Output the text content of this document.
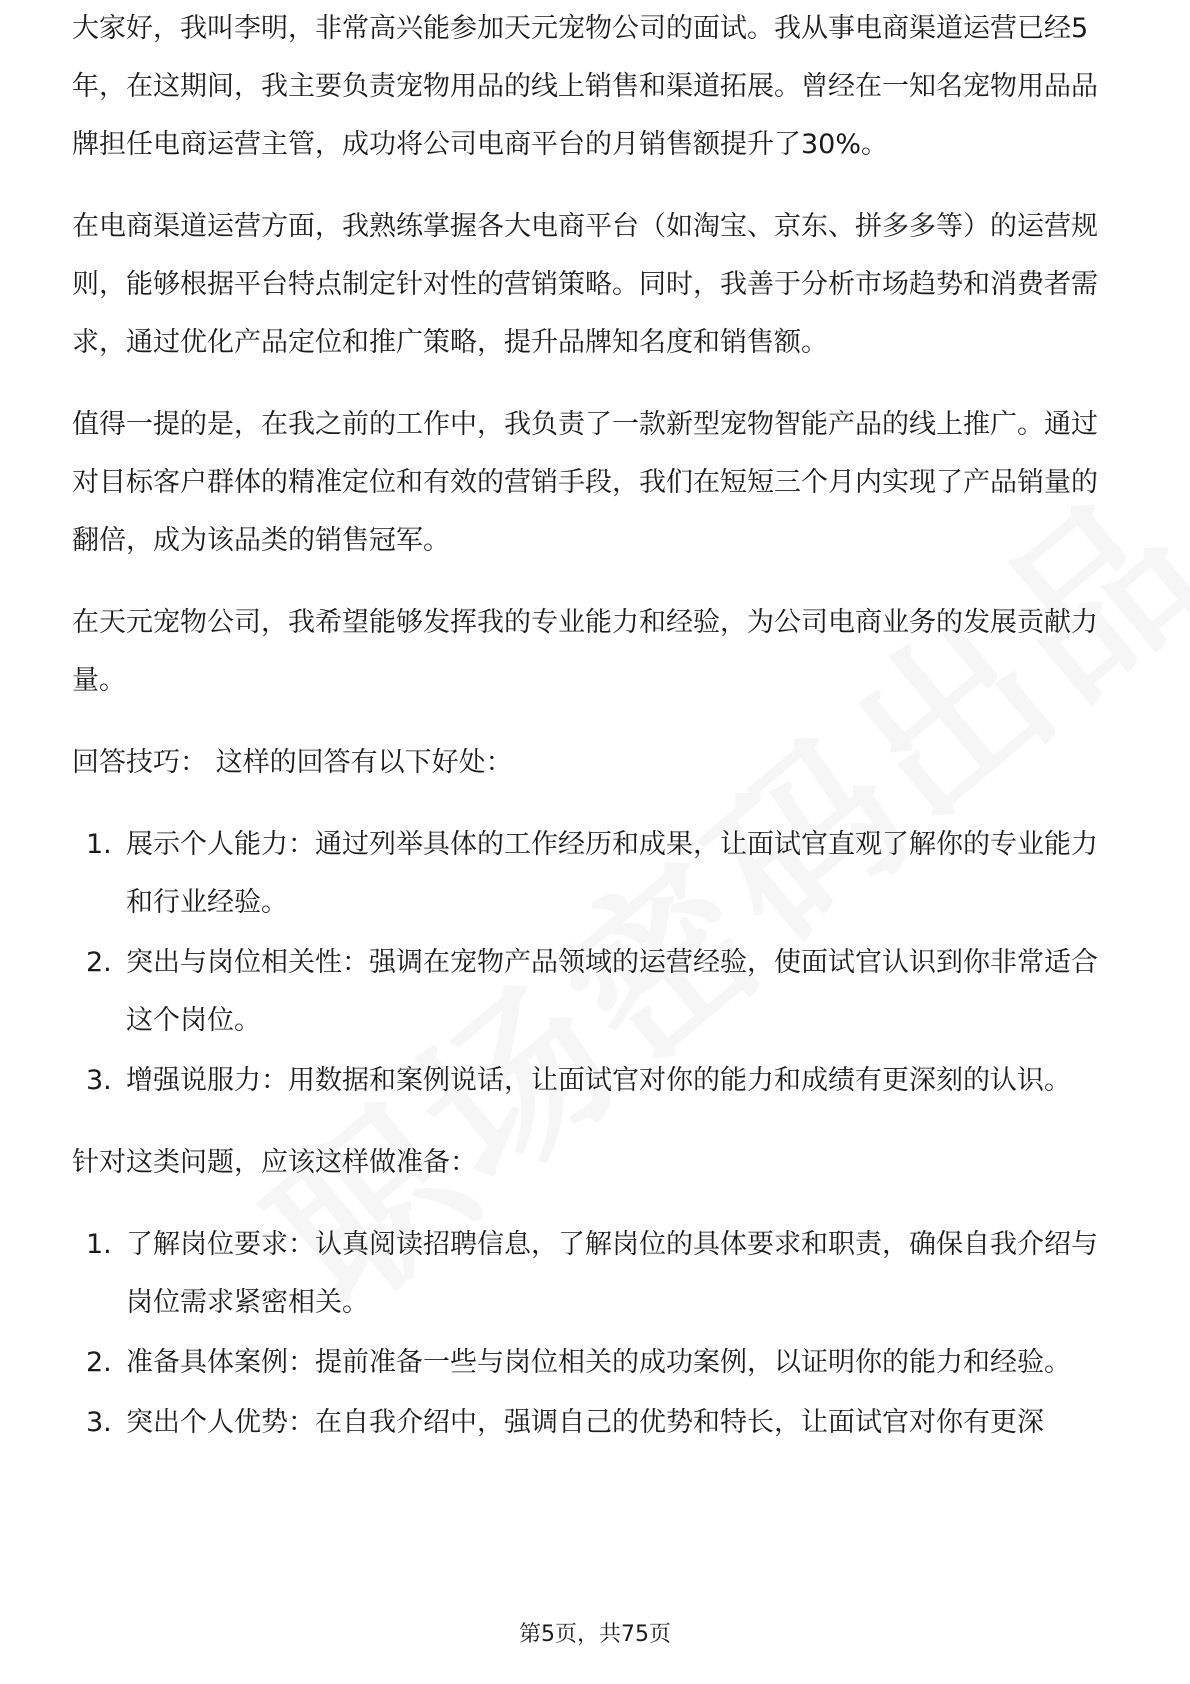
大家好，我叫李明，非常高兴能参加天元宠物公司的面试。我从事电商渠道运营已经5年，在这期间，我主要负责宠物用品的线上销售和渠道拓展。曾经在一知名宠物用品品牌担任电商运营主管，成功将公司电商平台的月销售额提升了30%。

在电商渠道运营方面，我熟练掌握各大电商平台（如淘宝、京东、拼多多等）的运营规则，能够根据平台特点制定针对性的营销策略。同时，我善于分析市场趋势和消费者需求，通过优化产品定位和推广策略，提升品牌知名度和销售额。

值得一提的是，在我之前的工作中，我负责了一款新型宠物智能产品的线上推广。通过对目标客户群体的精准定位和有效的营销手段，我们在短短三个月内实现了产品销量的翻倍，成为该品类的销售冠军。

在天元宠物公司，我希望能够发挥我的专业能力和经验，为公司电商业务的发展贡献力量。

回答技巧： 这样的回答有以下好处：

1. 展示个人能力：通过列举具体的工作经历和成果，让面试官直观了解你的专业能力和行业经验。
2. 突出与岗位相关性：强调在宠物产品领域的运营经验，使面试官认识到你非常适合这个岗位。
3. 增强说服力：用数据和案例说话，让面试官对你的能力和成绩有更深刻的认识。

针对这类问题，应该这样做准备：

1. 了解岗位要求：认真阅读招聘信息，了解岗位的具体要求和职责，确保自我介绍与岗位需求紧密相关。
2. 准备具体案例：提前准备一些与岗位相关的成功案例，以证明你的能力和经验。
3. 突出个人优势：在自我介绍中，强调自己的优势和特长，让面试官对你有更深
第5页，共75页
